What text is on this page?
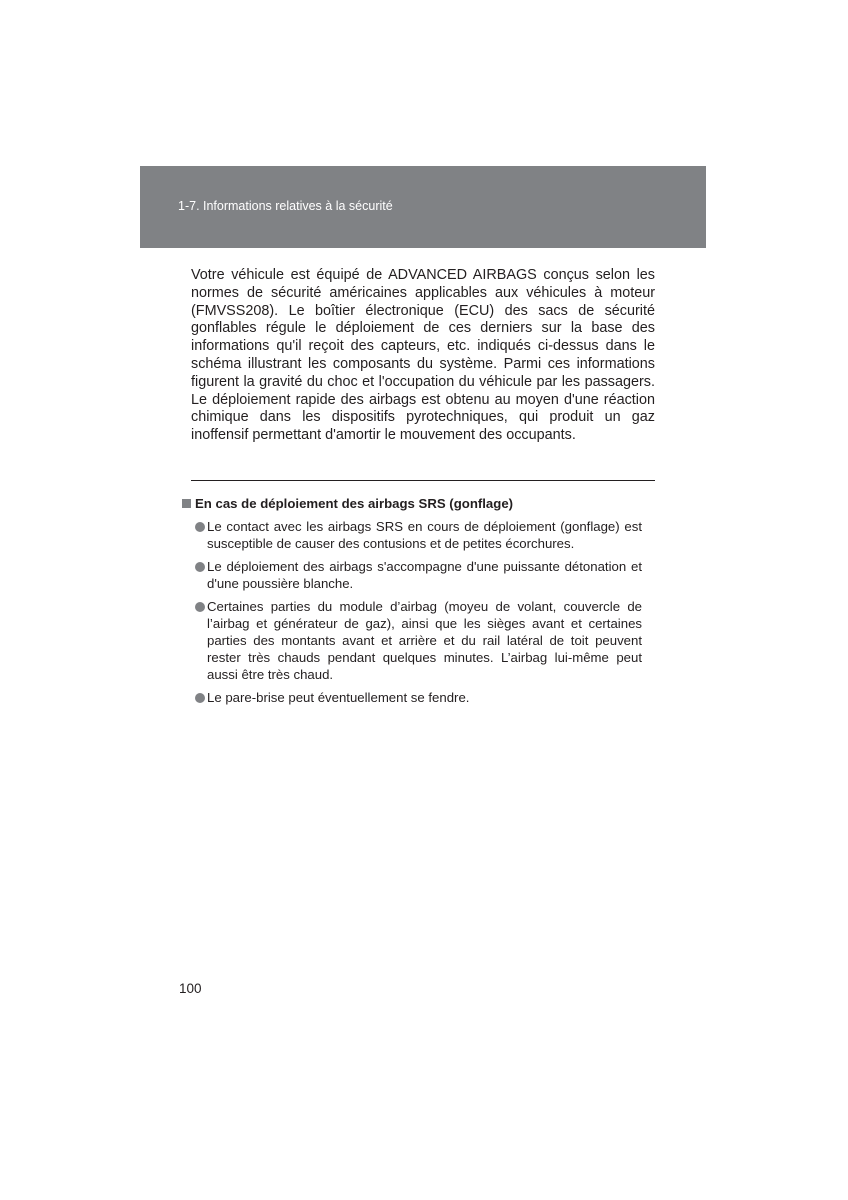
1-7. Informations relatives à la sécurité

Votre véhicule est équipé de ADVANCED AIRBAGS conçus selon les normes de sécurité américaines applicables aux véhicules à moteur (FMVSS208). Le boîtier électronique (ECU) des sacs de sécurité gonflables régule le déploiement de ces derniers sur la base des informations qu'il reçoit des capteurs, etc. indiqués ci-dessus dans le schéma illustrant les composants du système. Parmi ces informations figurent la gravité du choc et l'occupation du véhicule par les passagers. Le déploiement rapide des airbags est obtenu au moyen d'une réaction chimique dans les dispositifs pyrotechniques, qui produit un gaz inoffensif permettant d'amortir le mouvement des occupants.

En cas de déploiement des airbags SRS (gonflage)

Le contact avec les airbags SRS en cours de déploiement (gonflage) est susceptible de causer des contusions et de petites écorchures.
Le déploiement des airbags s'accompagne d'une puissante détonation et d'une poussière blanche.
Certaines parties du module d’airbag (moyeu de volant, couvercle de l’airbag et générateur de gaz), ainsi que les sièges avant et certaines parties des montants avant et arrière et du rail latéral de toit peuvent rester très chauds pendant quelques minutes. L’airbag lui-même peut aussi être très chaud.
Le pare-brise peut éventuellement se fendre.
100
